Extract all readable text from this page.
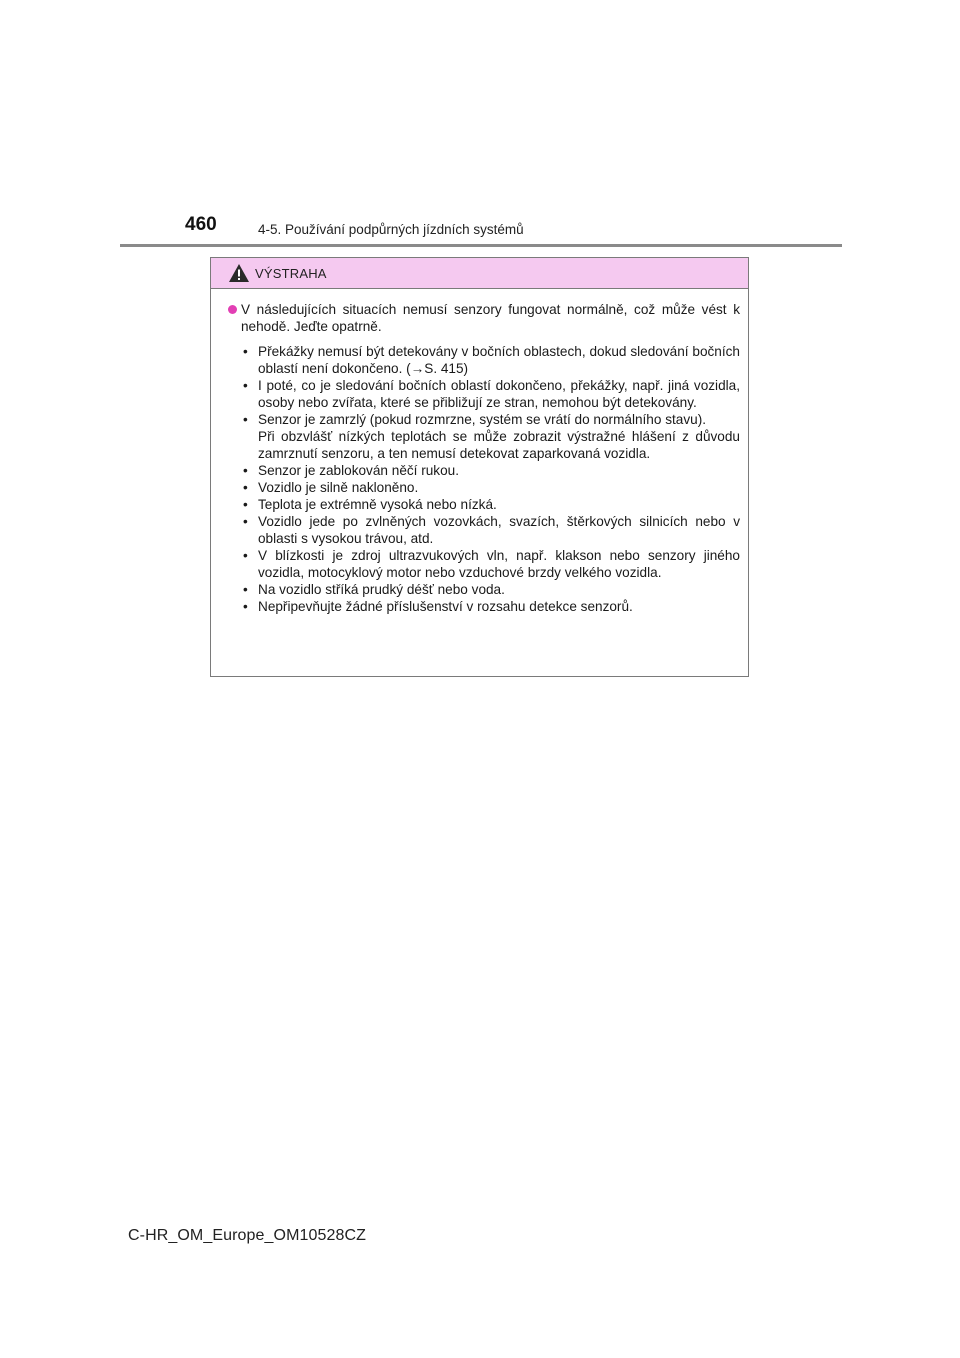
460	4-5. Používání podpůrných jízdních systémů
VÝSTRAHA

V následujících situacích nemusí senzory fungovat normálně, což může vést k nehodě. Jeďte opatrně.

• Překážky nemusí být detekovány v bočních oblastech, dokud sledování bočních oblastí není dokončeno. (→S. 415)
• I poté, co je sledování bočních oblastí dokončeno, překážky, např. jiná vozidla, osoby nebo zvířata, které se přibližují ze stran, nemohou být detekovány.
• Senzor je zamrzlý (pokud rozmrzne, systém se vrátí do normálního stavu).
Při obzvlášť nízkých teplotách se může zobrazit výstražné hlášení z důvodu zamrznutí senzoru, a ten nemusí detekovat zaparkovaná vozidla.
• Senzor je zablokován něčí rukou.
• Vozidlo je silně nakloněno.
• Teplota je extrémně vysoká nebo nízká.
• Vozidlo jede po zvlněných vozovkách, svazích, štěrkových silnicích nebo v oblasti s vysokou trávou, atd.
• V blízkosti je zdroj ultrazvukových vln, např. klakson nebo senzory jiného vozidla, motocyklový motor nebo vzduchové brzdy velkého vozidla.
• Na vozidlo stříká prudký déšť nebo voda.
• Nepřipevňujte žádné příslušenství v rozsahu detekce senzorů.
C-HR_OM_Europe_OM10528CZ
